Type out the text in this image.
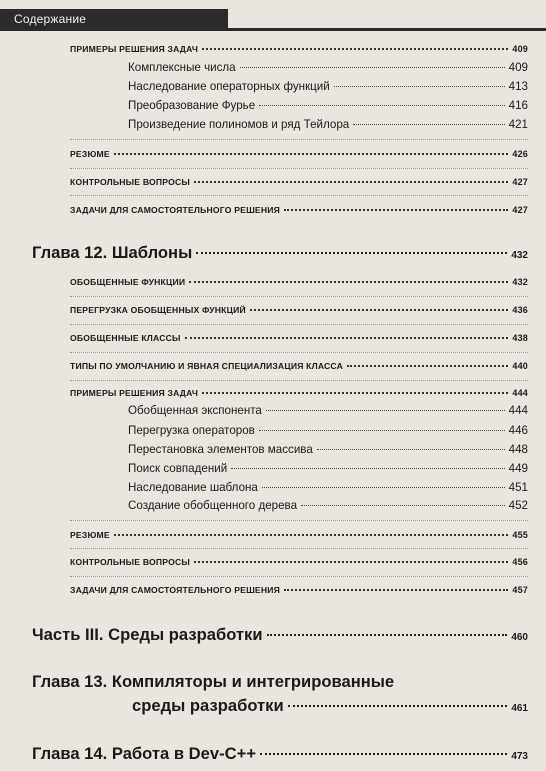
Содержание
ПРИМЕРЫ РЕШЕНИЯ ЗАДАЧ	409
Комплексные числа	409
Наследование операторных функций	413
Преобразование Фурье	416
Произведение полиномов и ряд Тейлора	421
РЕЗЮМЕ	426
КОНТРОЛЬНЫЕ ВОПРОСЫ	427
ЗАДАЧИ ДЛЯ САМОСТОЯТЕЛЬНОГО РЕШЕНИЯ	427
Глава 12. Шаблоны	432
ОБОБЩЕННЫЕ ФУНКЦИИ	432
ПЕРЕГРУЗКА ОБОБЩЕННЫХ ФУНКЦИЙ	436
ОБОБЩЕННЫЕ КЛАССЫ	438
ТИПЫ ПО УМОЛЧАНИЮ И ЯВНАЯ СПЕЦИАЛИЗАЦИЯ КЛАССА	440
ПРИМЕРЫ РЕШЕНИЯ ЗАДАЧ	444
Обобщенная экспонента	444
Перегрузка операторов	446
Перестановка элементов массива	448
Поиск совпадений	449
Наследование шаблона	451
Создание обобщенного дерева	452
РЕЗЮМЕ	455
КОНТРОЛЬНЫЕ ВОПРОСЫ	456
ЗАДАЧИ ДЛЯ САМОСТОЯТЕЛЬНОГО РЕШЕНИЯ	457
Часть III. Среды разработки	460
Глава 13. Компиляторы и интегрированные
среды разработки	461
Глава 14. Работа в Dev-C++	473
